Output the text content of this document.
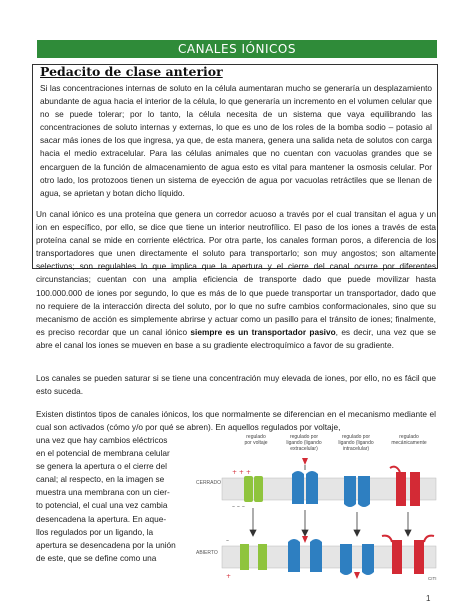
CANALES IÓNICOS
Pedacito de clase anterior
Si las concentraciones internas de soluto en la célula aumentaran mucho se generaría un desplazamiento abundante de agua hacia el interior de la célula, lo que generaría un incremento en el volumen celular que no se puede tolerar; por lo tanto, la célula necesita de un sistema que vaya equilibrando las concentraciones de soluto internas y externas, lo que es uno de los roles de la bomba sodio – potasio al sacar más iones de los que ingresa, ya que, de esta manera, genera una salida neta de solutos con carga hacia el medio extracelular. Para las células animales que no cuentan con vacuolas grandes que se encarguen de la función de almacenamiento de agua esto es vital para mantener la osmosis celular. Por otro lado, los protozoos tienen un sistema de eyección de agua por vacuolas retráctiles que se llenan de agua, se aprietan y botan dicho líquido.
Un canal iónico es una proteína que genera un corredor acuoso a través por el cual transitan el agua y un ion en específico, por ello, se dice que tiene un interior neutrofílico. El paso de los iones a través de esta proteína canal se mide en corriente eléctrica. Por otra parte, los canales forman poros, a diferencia de los transportadores que unen directamente el soluto para transportarlo; son muy angostos; son altamente selectivos; son regulables lo que implica que la apertura y el cierre del canal ocurre por diferentes circunstancias; cuentan con una amplia eficiencia de transporte dado que puede movilizar hasta 100.000.000 de iones por segundo, lo que es más de lo que puede transportar un transportador, dado que no requiere de la interacción directa del soluto, por lo que no sufre cambios conformacionales, sino que su mecanismo de acción es simplemente abrirse y actuar como un pasillo para el tránsito de iones; finalmente, es preciso recordar que un canal iónico siempre es un transportador pasivo, es decir, una vez que se abre el canal los iones se mueven en base a su gradiente electroquímico a favor de su gradiente.
Los canales se pueden saturar si se tiene una concentración muy elevada de iones, por ello, no es fácil que esto suceda.
Existen distintos tipos de canales iónicos, los que normalmente se diferencian en el mecanismo mediante el cual son activados (cómo y/o por qué se abren). En aquellos regulados por voltaje,
una vez que hay cambios eléctricos
en el potencial de membrana celular
se genera la apertura o el cierre del
canal; al respecto, en la imagen se
muestra una membrana con un cier-
to potencial, el cual una vez cambia
desencadena la apertura. En aque-
llos regulados por un ligando, la
apertura se desencadena por la unión
de este, que se define como una
regulado por voltaje
regulado por ligando (ligando extracelular)
regulado por ligando (ligando intracelular)
regulado mecánicamente
CERRADO
ABIERTO
+ + +
– – –
–
+	CITI
1
